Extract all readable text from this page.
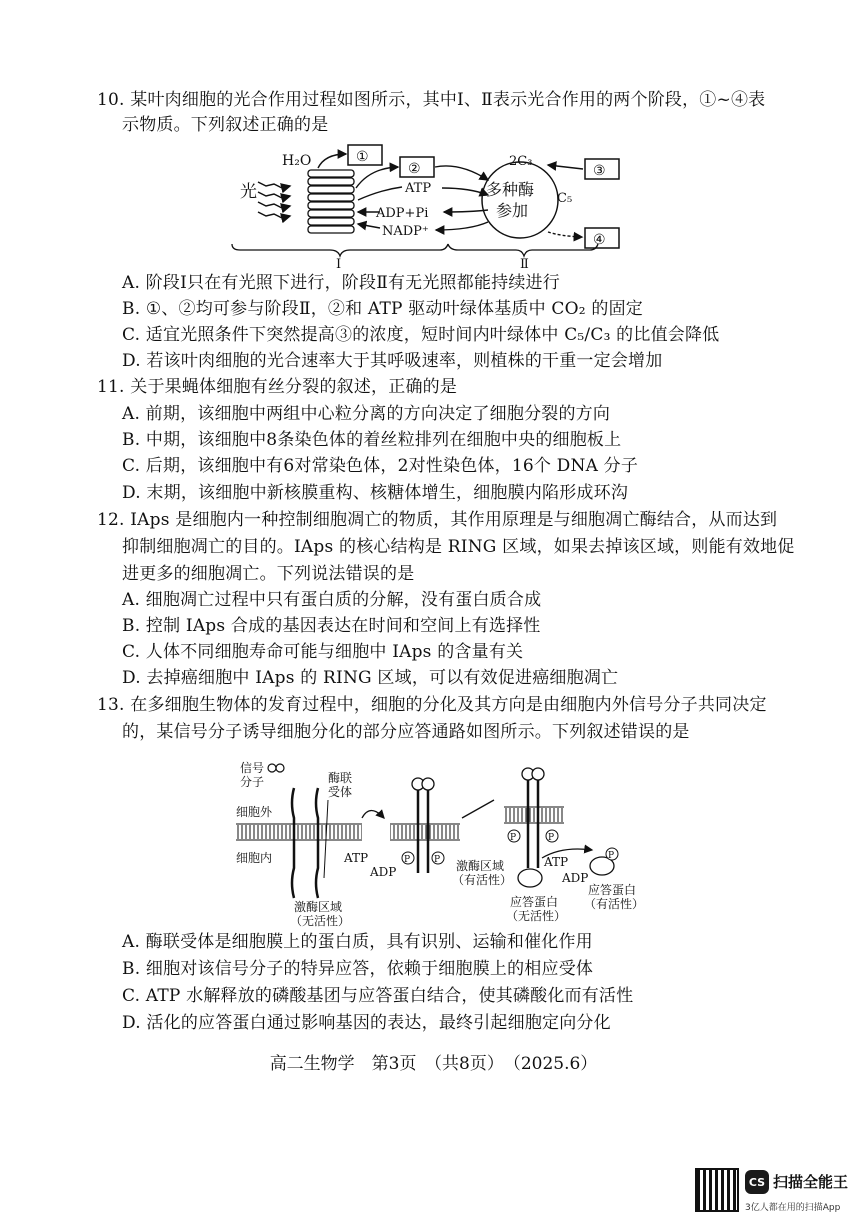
10. 某叶肉细胞的光合作用过程如图所示，其中Ⅰ、Ⅱ表示光合作用的两个阶段，①~④表
示物质。下列叙述正确的是
H₂O
光
①
②
ATP
ADP+Pi
NADP⁺
2C₃
C₅
多种酶
参加
③
④
Ⅰ	Ⅱ
A. 阶段Ⅰ只在有光照下进行，阶段Ⅱ有无光照都能持续进行
B. ①、②均可参与阶段Ⅱ，②和 ATP 驱动叶绿体基质中 CO₂ 的固定
C. 适宜光照条件下突然提高③的浓度，短时间内叶绿体中 C₅/C₃ 的比值会降低
D. 若该叶肉细胞的光合速率大于其呼吸速率，则植株的干重一定会增加
11. 关于果蝇体细胞有丝分裂的叙述，正确的是
A. 前期，该细胞中两组中心粒分离的方向决定了细胞分裂的方向
B. 中期，该细胞中8条染色体的着丝粒排列在细胞中央的细胞板上
C. 后期，该细胞中有6对常染色体，2对性染色体，16个 DNA 分子
D. 末期，该细胞中新核膜重构、核糖体增生，细胞膜内陷形成环沟
12. IAps 是细胞内一种控制细胞凋亡的物质，其作用原理是与细胞凋亡酶结合，从而达到
抑制细胞凋亡的目的。IAps 的核心结构是 RING 区域，如果去掉该区域，则能有效地促
进更多的细胞凋亡。下列说法错误的是
A. 细胞凋亡过程中只有蛋白质的分解，没有蛋白质合成
B. 控制 IAps 合成的基因表达在时间和空间上有选择性
C. 人体不同细胞寿命可能与细胞中 IAps 的含量有关
D. 去掉癌细胞中 IAps 的 RING 区域，可以有效促进癌细胞凋亡
13. 在多细胞生物体的发育过程中，细胞的分化及其方向是由细胞内外信号分子共同决定
的，某信号分子诱导细胞分化的部分应答通路如图所示。下列叙述错误的是
信号
分子	酶联
受体
细胞外
细胞内
激酶区域
（无活性）
ATP
ADP
P	P 激酶区域
（有活性）
P	P
ATP
ADP
P
应答蛋白
（无活性）
应答蛋白
（有活性）
A. 酶联受体是细胞膜上的蛋白质，具有识别、运输和催化作用
B. 细胞对该信号分子的特异应答，依赖于细胞膜上的相应受体
C. ATP 水解释放的磷酸基团与应答蛋白结合，使其磷酸化而有活性
D. 活化的应答蛋白通过影响基因的表达，最终引起细胞定向分化
高二生物学　第3页　（共8页）　（2025.6）
CS 扫描全能王
3亿人都在用的扫描App
